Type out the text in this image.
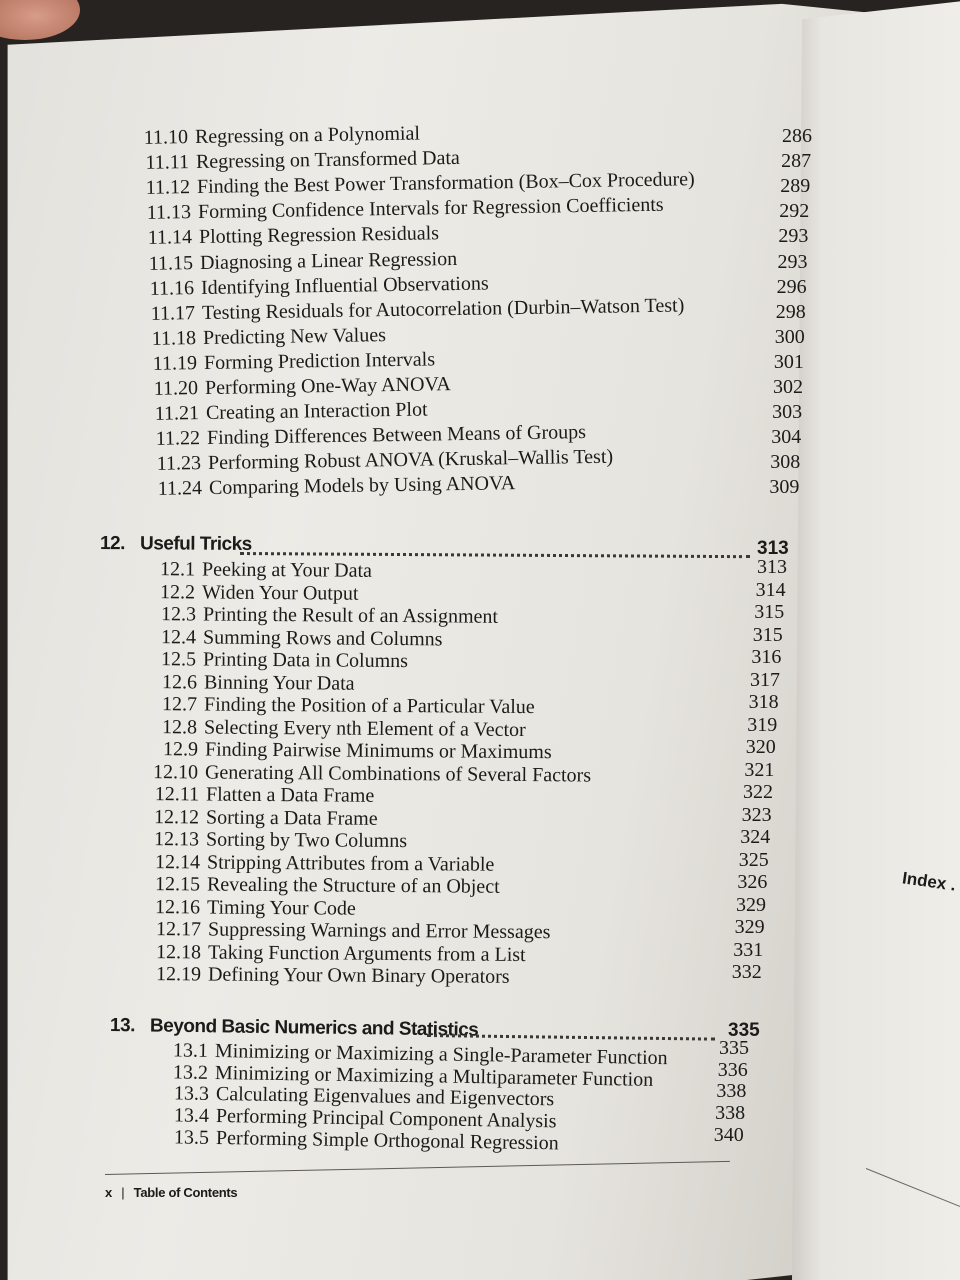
11.10 Regressing on a Polynomial	286
11.11 Regressing on Transformed Data	287
11.12 Finding the Best Power Transformation (Box–Cox Procedure)	289
11.13 Forming Confidence Intervals for Regression Coefficients	292
11.14 Plotting Regression Residuals	293
11.15 Diagnosing a Linear Regression	293
11.16 Identifying Influential Observations	296
11.17 Testing Residuals for Autocorrelation (Durbin–Watson Test)	298
11.18 Predicting New Values	300
11.19 Forming Prediction Intervals	301
11.20 Performing One-Way ANOVA	302
11.21 Creating an Interaction Plot	303
11.22 Finding Differences Between Means of Groups	304
11.23 Performing Robust ANOVA (Kruskal–Wallis Test)	308
11.24 Comparing Models by Using ANOVA	309
12. Useful Tricks	313
12.1 Peeking at Your Data	313
12.2 Widen Your Output	314
12.3 Printing the Result of an Assignment	315
12.4 Summing Rows and Columns	315
12.5 Printing Data in Columns	316
12.6 Binning Your Data	317
12.7 Finding the Position of a Particular Value	318
12.8 Selecting Every nth Element of a Vector	319
12.9 Finding Pairwise Minimums or Maximums	320
12.10 Generating All Combinations of Several Factors	321
12.11 Flatten a Data Frame	322
12.12 Sorting a Data Frame	323
12.13 Sorting by Two Columns	324
12.14 Stripping Attributes from a Variable	325
12.15 Revealing the Structure of an Object	326
12.16 Timing Your Code	329
12.17 Suppressing Warnings and Error Messages	329
12.18 Taking Function Arguments from a List	331
12.19 Defining Your Own Binary Operators	332
13. Beyond Basic Numerics and Statistics	335
13.1 Minimizing or Maximizing a Single-Parameter Function	335
13.2 Minimizing or Maximizing a Multiparameter Function	336
13.3 Calculating Eigenvalues and Eigenvectors	338
13.4 Performing Principal Component Analysis	338
13.5 Performing Simple Orthogonal Regression	340
x | Table of Contents
Index .
